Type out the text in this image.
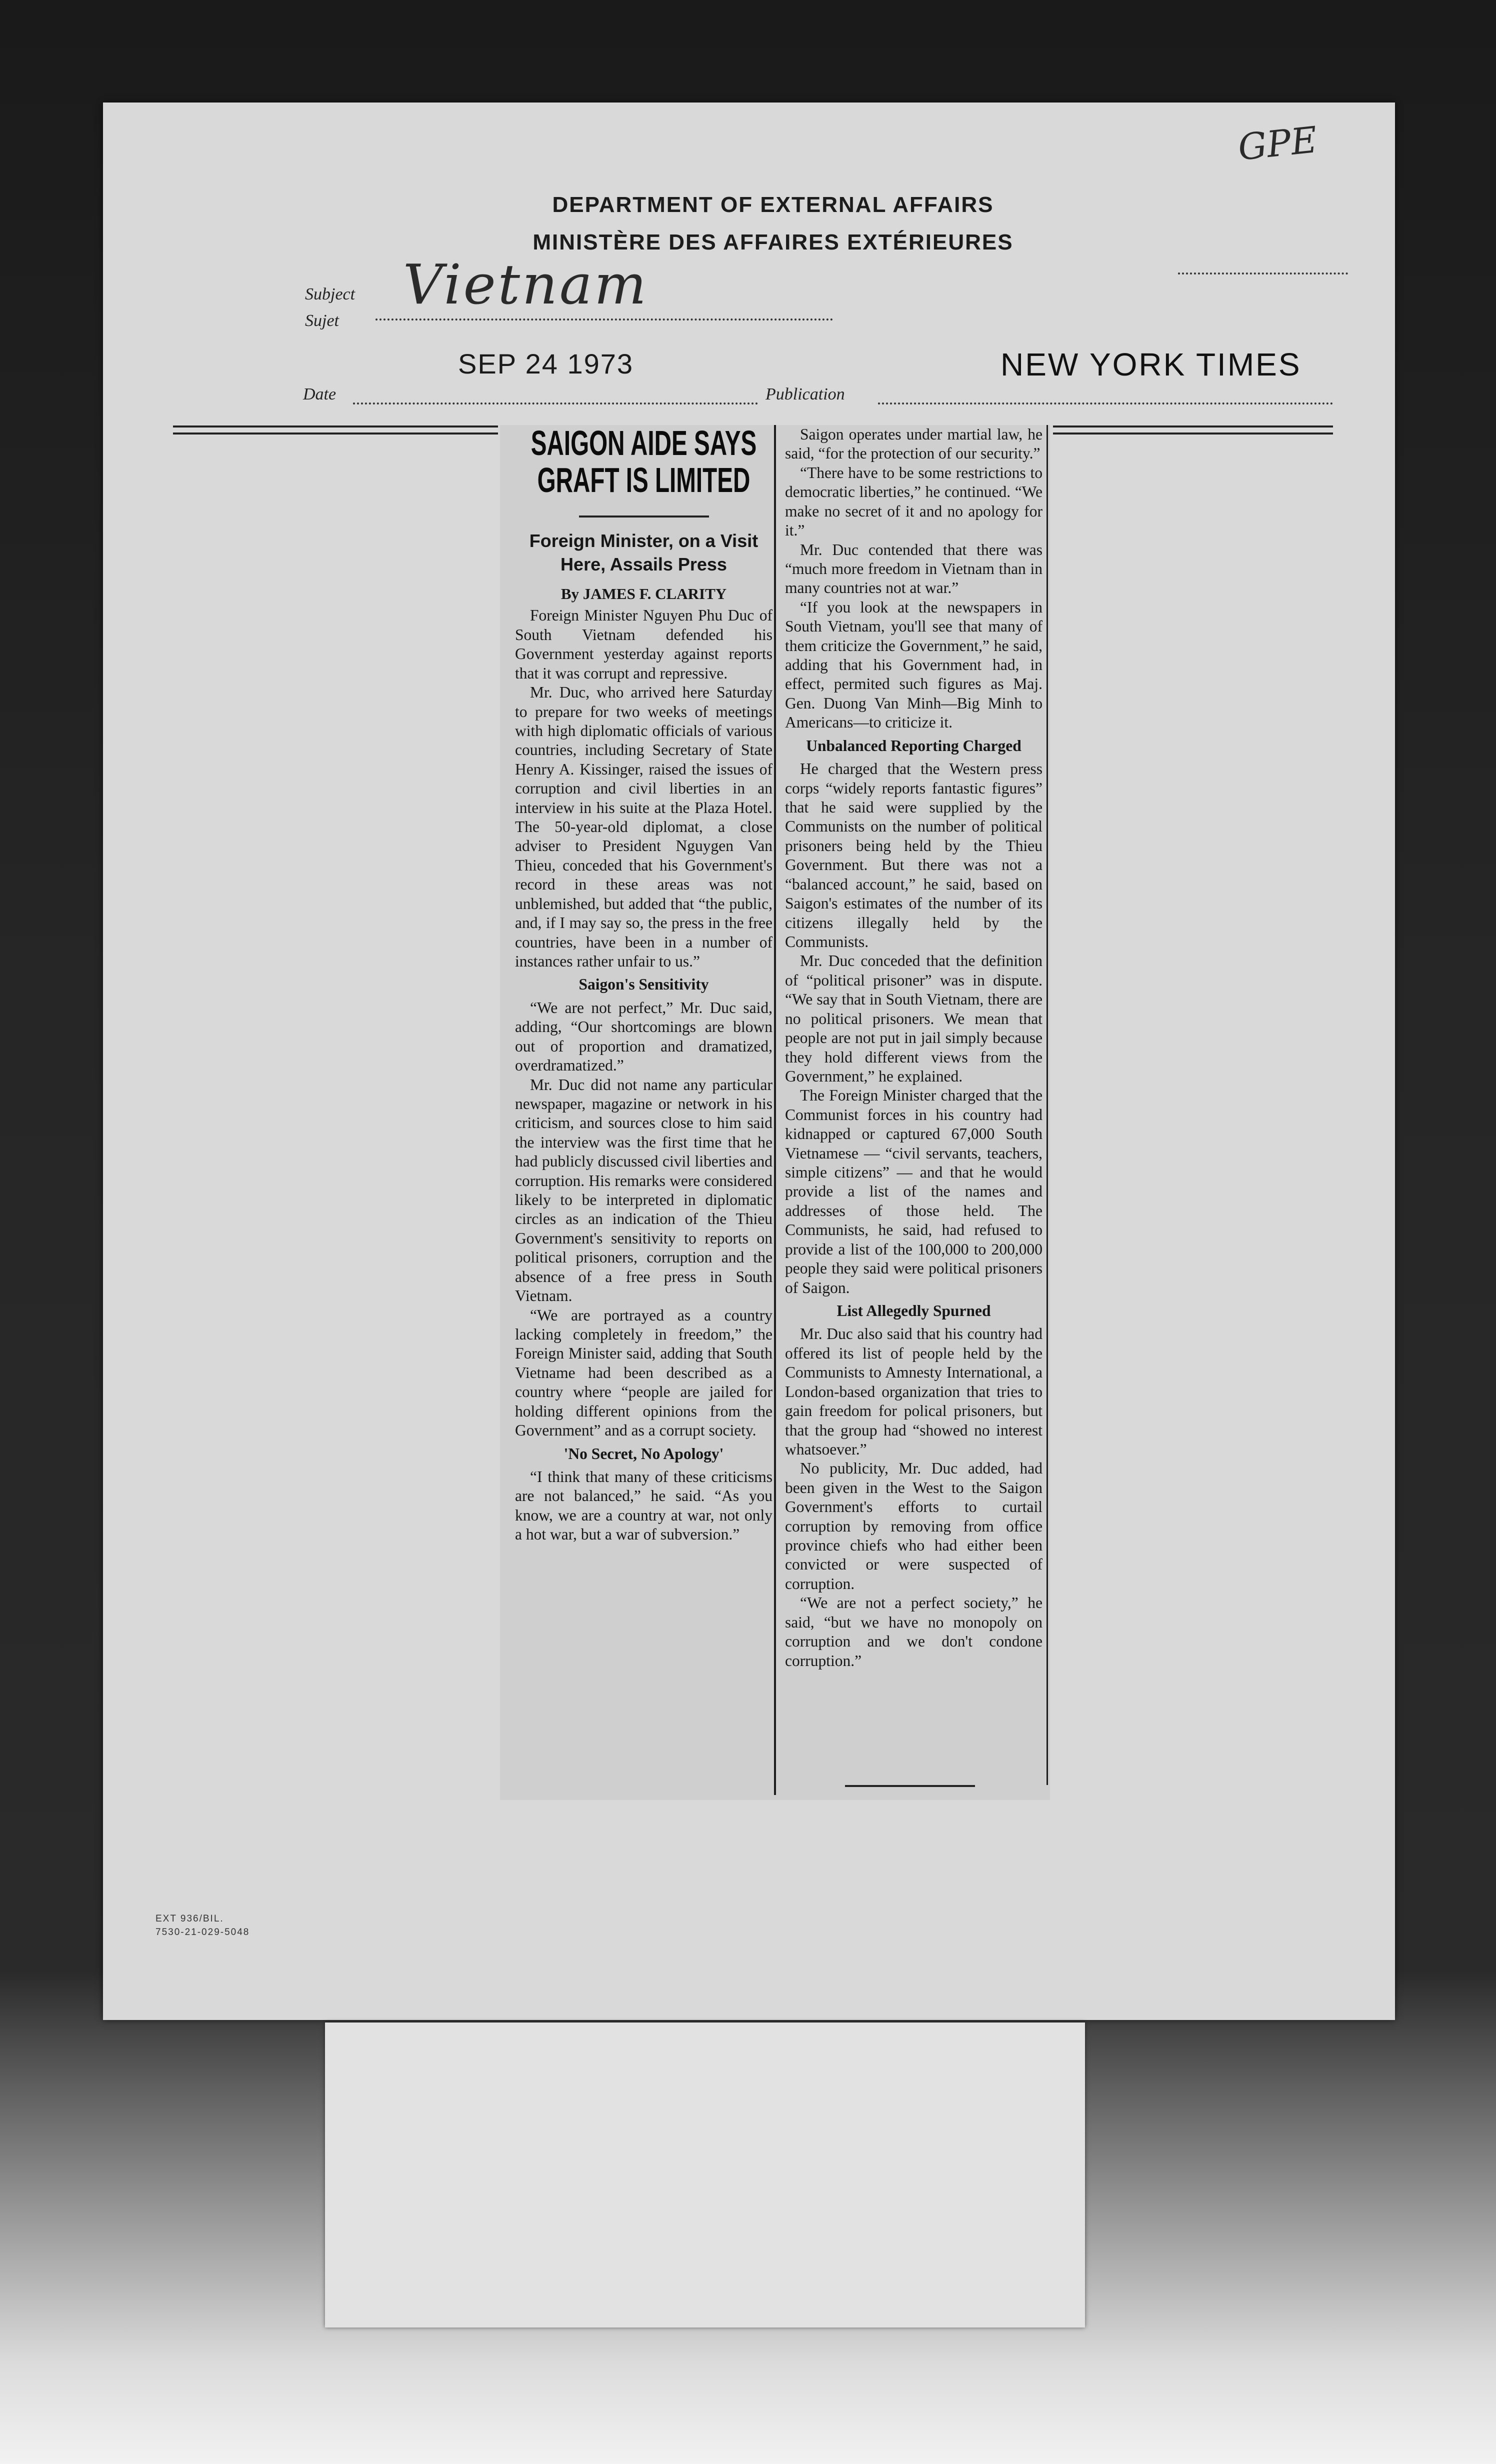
GPE
DEPARTMENT OF EXTERNAL AFFAIRS
MINISTÈRE DES AFFAIRES EXTÉRIEURES
Subject
Sujet
Vietnam
SEP 24 1973	NEW YORK TIMES
Date	Publication
EXT 936/BIL.
7530-21-029-5048
SAIGON AIDE SAYS GRAFT IS LIMITED
Foreign Minister, on a Visit Here, Assails Press
By JAMES F. CLARITY

Foreign Minister Nguyen Phu Duc of South Vietnam defended his Government yesterday against reports that it was corrupt and repressive.

Mr. Duc, who arrived here Saturday to prepare for two weeks of meetings with high diplomatic officials of various countries, including Secretary of State Henry A. Kissinger, raised the issues of corruption and civil liberties in an interview in his suite at the Plaza Hotel. The 50-year-old diplomat, a close adviser to President Nguygen Van Thieu, conceded that his Government's record in these areas was not unblemished, but added that “the public, and, if I may say so, the press in the free countries, have been in a number of instances rather unfair to us.”

Saigon's Sensitivity

“We are not perfect,” Mr. Duc said, adding, “Our shortcomings are blown out of proportion and dramatized, overdramatized.”

Mr. Duc did not name any particular newspaper, magazine or network in his criticism, and sources close to him said the interview was the first time that he had publicly discussed civil liberties and corruption. His remarks were considered likely to be interpreted in diplomatic circles as an indication of the Thieu Government's sensitivity to reports on political prisoners, corruption and the absence of a free press in South Vietnam.

“We are portrayed as a country lacking completely in freedom,” the Foreign Minister said, adding that South Vietname had been described as a country where “people are jailed for holding different opinions from the Government” and as a corrupt society.

'No Secret, No Apology'

“I think that many of these criticisms are not balanced,” he said. “As you know, we are a country at war, not only a hot war, but a war of subversion.”

Saigon operates under martial law, he said, “for the protection of our security.”

“There have to be some restrictions to democratic liberties,” he continued. “We make no secret of it and no apology for it.”

Mr. Duc contended that there was “much more freedom in Vietnam than in many countries not at war.”

“If you look at the newspapers in South Vietnam, you'll see that many of them criticize the Government,” he said, adding that his Government had, in effect, permited such figures as Maj. Gen. Duong Van Minh—Big Minh to Americans—to criticize it.

Unbalanced Reporting Charged

He charged that the Western press corps “widely reports fantastic figures” that he said were supplied by the Communists on the number of political prisoners being held by the Thieu Government. But there was not a “balanced account,” he said, based on Saigon's estimates of the number of its citizens illegally held by the Communists.

Mr. Duc conceded that the definition of “political prisoner” was in dispute. “We say that in South Vietnam, there are no political prisoners. We mean that people are not put in jail simply because they hold different views from the Government,” he explained.

The Foreign Minister charged that the Communist forces in his country had kidnapped or captured 67,000 South Vietnamese — “civil servants, teachers, simple citizens” — and that he would provide a list of the names and addresses of those held. The Communists, he said, had refused to provide a list of the 100,000 to 200,000 people they said were political prisoners of Saigon.

List Allegedly Spurned

Mr. Duc also said that his country had offered its list of people held by the Communists to Amnesty International, a London-based organization that tries to gain freedom for polical prisoners, but that the group had “showed no interest whatsoever.”

No publicity, Mr. Duc added, had been given in the West to the Saigon Government's efforts to curtail corruption by removing from office province chiefs who had either been convicted or were suspected of corruption.

“We are not a perfect society,” he said, “but we have no monopoly on corruption and we don't condone corruption.”
